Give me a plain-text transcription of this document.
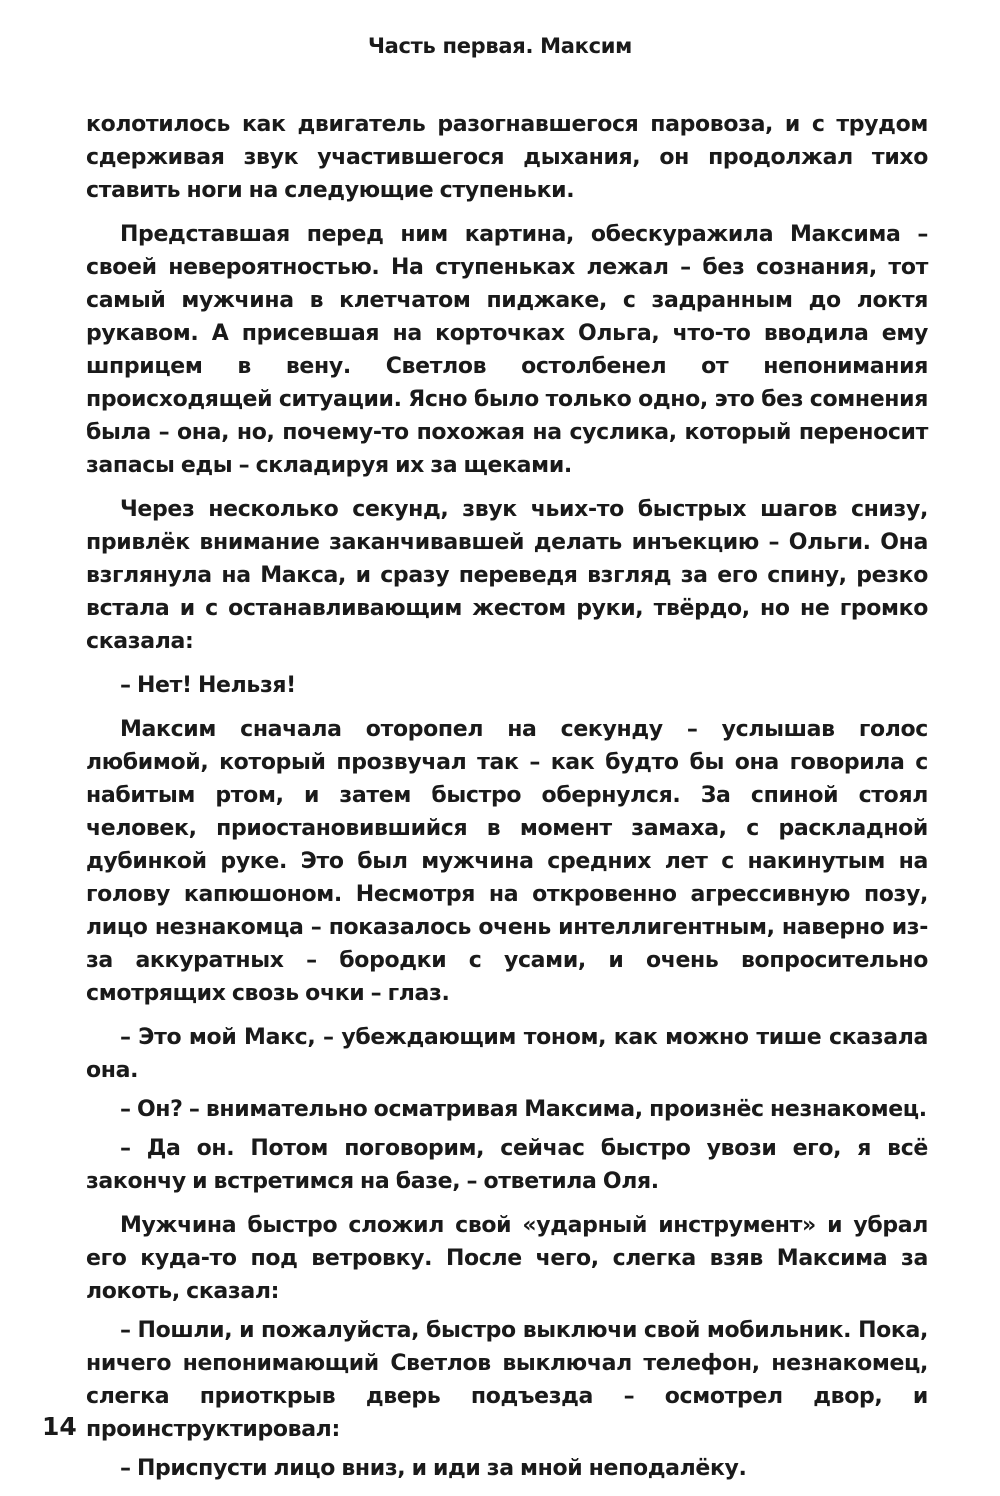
Часть первая. Максим

колотилось как двигатель разогнавшегося паровоза, и с трудом сдерживая звук участившегося дыхания, он продолжал тихо ставить ноги на следующие ступеньки.

Представшая перед ним картина, обескуражила Максима – своей невероятностью. На ступеньках лежал – без сознания, тот самый мужчина в клетчатом пиджаке, с задранным до локтя рукавом. А присевшая на корточках Ольга, что-то вводила ему шприцем в вену. Светлов остолбенел от непонимания происходящей ситуации. Ясно было только одно, это без сомнения была – она, но, почему-то похожая на суслика, который переносит запасы еды – складируя их за щеками.

Через несколько секунд, звук чьих-то быстрых шагов снизу, привлёк внимание заканчивавшей делать инъекцию – Ольги. Она взглянула на Макса, и сразу переведя взгляд за его спину, резко встала и с останавливающим жестом руки, твёрдо, но не громко сказала:

– Нет! Нельзя!

Максим сначала оторопел на секунду – услышав голос любимой, который прозвучал так – как будто бы она говорила с набитым ртом, и затем быстро обернулся. За спиной стоял человек, приостановившийся в момент замаха, с раскладной дубинкой руке. Это был мужчина средних лет с накинутым на голову капюшоном. Несмотря на откровенно агрессивную позу, лицо незнакомца – показалось очень интеллигентным, наверно из-за аккуратных – бородки с усами, и очень вопросительно смотрящих свозь очки – глаз.

– Это мой Макс, – убеждающим тоном, как можно тише сказала она.

– Он? – внимательно осматривая Максима, произнёс незнакомец.

– Да он. Потом поговорим, сейчас быстро увози его, я всё закончу и встретимся на базе, – ответила Оля.

Мужчина быстро сложил свой «ударный инструмент» и убрал его куда-то под ветровку. После чего, слегка взяв Максима за локоть, сказал:

– Пошли, и пожалуйста, быстро выключи свой мобильник. Пока, ничего непонимающий Светлов выключал телефон, незнакомец, слегка приоткрыв дверь подъезда – осмотрел двор, и проинструктировал:

– Приспусти лицо вниз, и иди за мной неподалёку.

14
